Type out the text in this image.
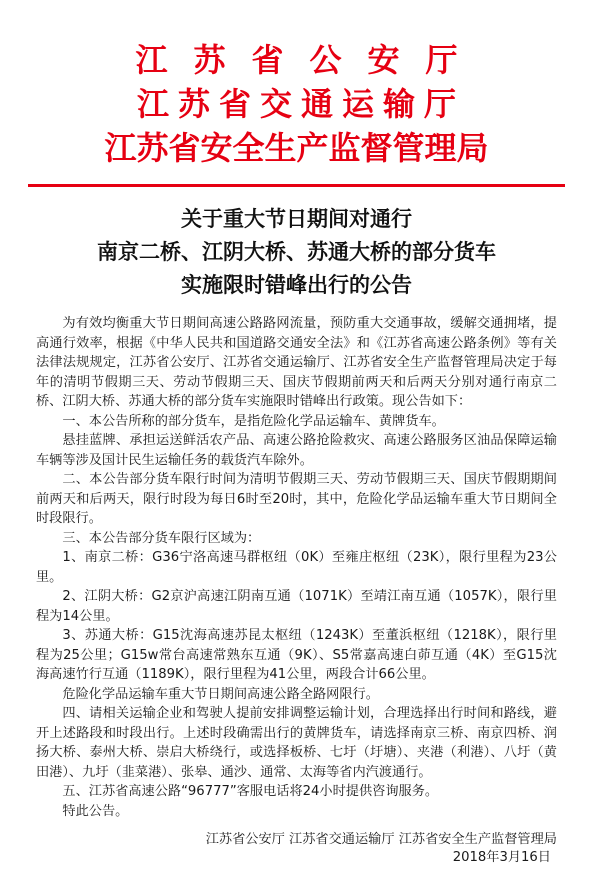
江苏省公安厅
江苏省交通运输厅
江苏省安全生产监督管理局
关于重大节日期间对通行
南京二桥、江阴大桥、苏通大桥的部分货车
实施限时错峰出行的公告

为有效均衡重大节日期间高速公路路网流量，预防重大交通事故，缓解交通拥堵，提高通行效率，根据《中华人民共和国道路交通安全法》和《江苏省高速公路条例》等有关法律法规规定，江苏省公安厅、江苏省交通运输厅、江苏省安全生产监督管理局决定于每年的清明节假期三天、劳动节假期三天、国庆节假期前两天和后两天分别对通行南京二桥、江阴大桥、苏通大桥的部分货车实施限时错峰出行政策。现公告如下：

一、本公告所称的部分货车，是指危险化学品运输车、黄牌货车。

悬挂蓝牌、承担运送鲜活农产品、高速公路抢险救灾、高速公路服务区油品保障运输车辆等涉及国计民生运输任务的载货汽车除外。

二、本公告部分货车限行时间为清明节假期三天、劳动节假期三天、国庆节假期期间前两天和后两天，限行时段为每日6时至20时，其中，危险化学品运输车重大节日期间全时段限行。

三、本公告部分货车限行区域为：

1、南京二桥：G36宁洛高速马群枢纽（0K）至雍庄枢纽（23K），限行里程为23公里。

2、江阴大桥：G2京沪高速江阴南互通（1071K）至靖江南互通（1057K），限行里程为14公里。

3、苏通大桥：G15沈海高速苏昆太枢纽（1243K）至董浜枢纽（1218K），限行里程为25公里；G15w常台高速常熟东互通（9K）、S5常嘉高速白茆互通（4K）至G15沈海高速竹行互通（1189K），限行里程为41公里，两段合计66公里。

危险化学品运输车重大节日期间高速公路全路网限行。

四、请相关运输企业和驾驶人提前安排调整运输计划，合理选择出行时间和路线，避开上述路段和时段出行。上述时段确需出行的黄牌货车，请选择南京三桥、南京四桥、润扬大桥、泰州大桥、崇启大桥绕行，或选择板桥、七圩（圩塘）、夹港（利港）、八圩（黄田港）、九圩（韭菜港）、张皋、通沙、通常、太海等省内汽渡通行。

五、江苏省高速公路“96777”客服电话将24小时提供咨询服务。

特此公告。

江苏省公安厅 江苏省交通运输厅 江苏省安全生产监督管理局
2018年3月16日
